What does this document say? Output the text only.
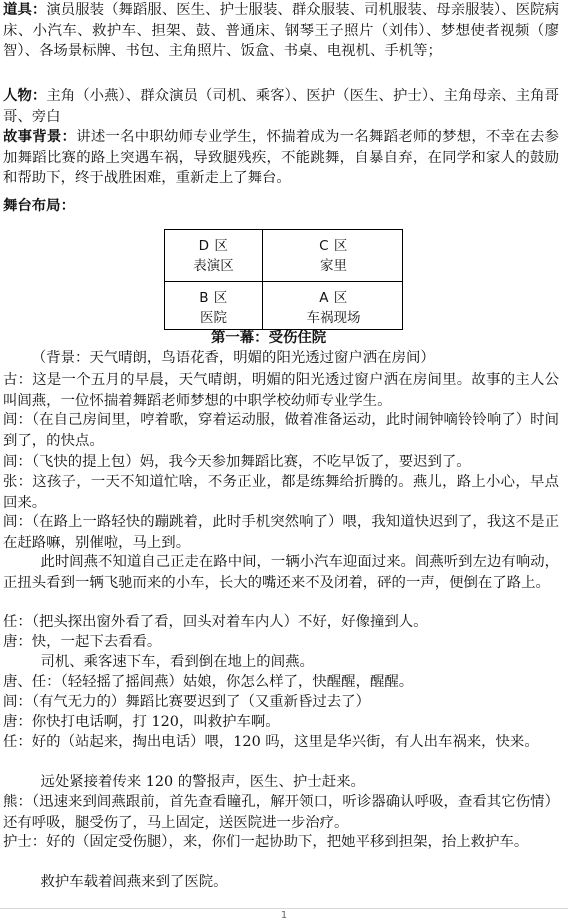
道具：演员服装（舞蹈服、医生、护士服装、群众服装、司机服装、母亲服装）、医院病床、小汽车、救护车、担架、鼓、普通床、钢琴王子照片（刘伟）、梦想使者视频（廖智）、各场景标牌、书包、主角照片、饭盒、书桌、电视机、手机等；
人物：主角（小燕）、群众演员（司机、乘客）、医护（医生、护士）、主角母亲、主角哥哥、旁白
故事背景：讲述一名中职幼师专业学生，怀揣着成为一名舞蹈老师的梦想，不幸在去参加舞蹈比赛的路上突遇车祸，导致腿残疾，不能跳舞，自暴自弃，在同学和家人的鼓励和帮助下，终于战胜困难，重新走上了舞台。
舞台布局：
D 区
表演区
C 区
家里
B 区
医院
A 区
车祸现场
第一幕：受伤住院
（背景：天气晴朗，鸟语花香，明媚的阳光透过窗户洒在房间）
古：这是一个五月的早晨，天气晴朗，明媚的阳光透过窗户洒在房间里。故事的主人公叫闾燕，一位怀揣着舞蹈老师梦想的中职学校幼师专业学生。
闾：（在自己房间里，哼着歌，穿着运动服，做着准备运动，此时闹钟嘀铃铃响了）时间到了，的快点。
闾：（飞快的提上包）妈，我今天参加舞蹈比赛，不吃早饭了，要迟到了。
张：这孩子，一天不知道忙啥，不务正业，都是练舞给折腾的。燕儿，路上小心，早点回来。
闾：（在路上一路轻快的蹦跳着，此时手机突然响了）喂，我知道快迟到了，我这不是正在赶路嘛，别催啦，马上到。
此时闾燕不知道自己正走在路中间，一辆小汽车迎面过来。闾燕听到左边有响动，正扭头看到一辆飞驰而来的小车，长大的嘴还来不及闭着，砰的一声，便倒在了路上。
任：（把头探出窗外看了看，回头对着车内人）不好，好像撞到人。
唐：快，一起下去看看。
司机、乘客速下车，看到倒在地上的闾燕。
唐、任：（轻轻摇了摇闾燕）姑娘，你怎么样了，快醒醒，醒醒。
闾：（有气无力的）舞蹈比赛要迟到了（又重新昏过去了）
唐：你快打电话啊，打 120，叫救护车啊。
任：好的（站起来，掏出电话）喂，120 吗，这里是华兴街，有人出车祸来，快来。
远处紧接着传来 120 的警报声，医生、护士赶来。
熊：（迅速来到闾燕跟前，首先查看瞳孔，解开领口，听诊器确认呼吸，查看其它伤情）还有呼吸，腿受伤了，马上固定，送医院进一步治疗。
护士：好的（固定受伤腿），来，你们一起协助下，把她平移到担架，抬上救护车。
救护车载着闾燕来到了医院。
1
